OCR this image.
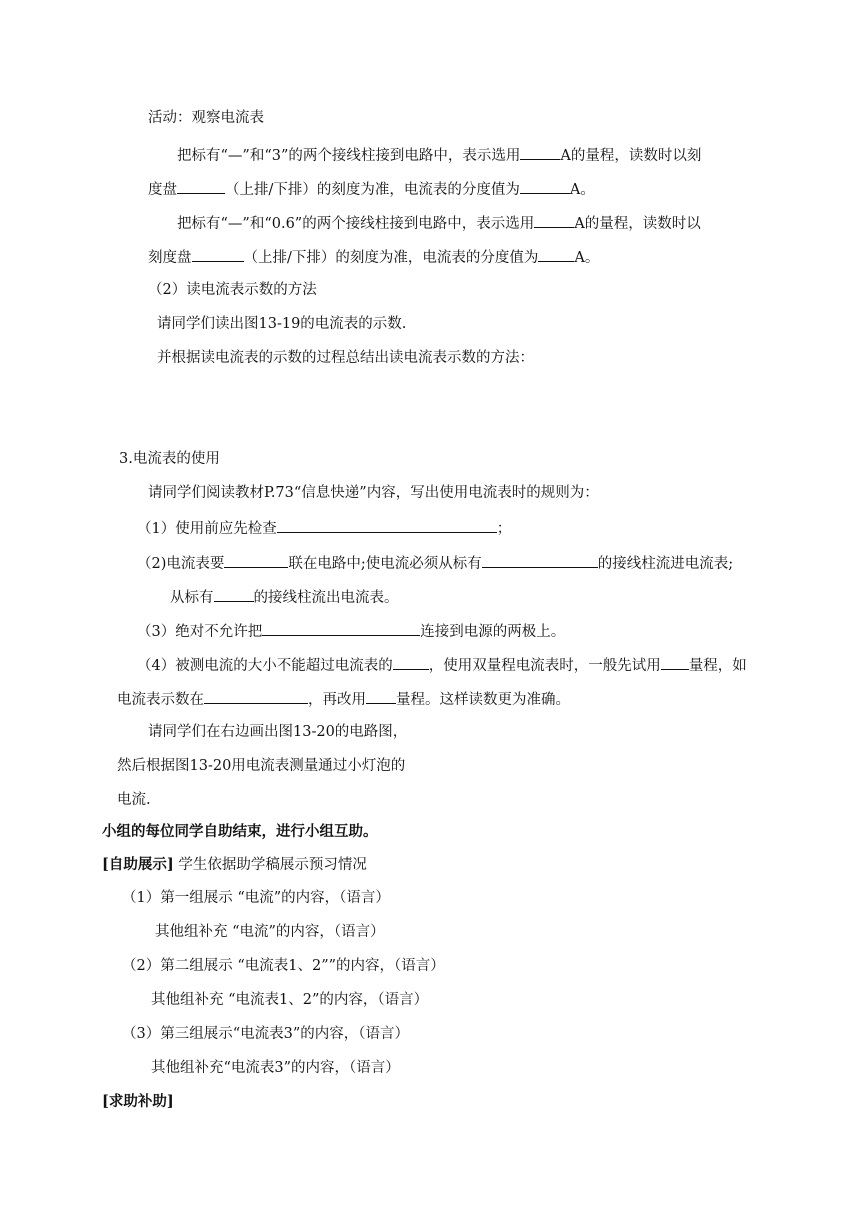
活动：观察电流表
把标有“—”和“3”的两个接线柱接到电路中，表示选用	A的量程，读数时以刻
度盘	（上排/下排）的刻度为准，电流表的分度值为	A。
把标有“—”和“0.6”的两个接线柱接到电路中，表示选用	A的量程，读数时以
刻度盘	（上排/下排）的刻度为准，电流表的分度值为 A。
（2）读电流表示数的方法
请同学们读出图13-19的电流表的示数.
并根据读电流表的示数的过程总结出读电流表示数的方法：
3.电流表的使用
请同学们阅读教材P.73“信息快递”内容，写出使用电流表时的规则为：
（1）使用前应先检查	；
（2)电流表要	联在电路中;使电流必须从标有	的接线柱流进电流表;
从标有	的接线柱流出电流表。
（3）绝对不允许把	连接到电源的两极上。
（4）被测电流的大小不能超过电流表的 ，使用双量程电流表时，一般先试用 量程，如
电流表示数在	，再改用 量程。这样读数更为准确。
请同学们在右边画出图13-20的电路图，
然后根据图13-20用电流表测量通过小灯泡的
电流.
小组的每位同学自助结束，进行小组互助。
[自助展示] 学生依据助学稿展示预习情况
（1）第一组展示 “电流”的内容，（语言）
其他组补充 “电流”的内容，（语言）
（2）第二组展示 “电流表1、2””的内容，（语言）
其他组补充 “电流表1、2”的内容，（语言）
（3）第三组展示“电流表3”的内容，（语言）
其他组补充“电流表3”的内容，（语言）
[求助补助]
